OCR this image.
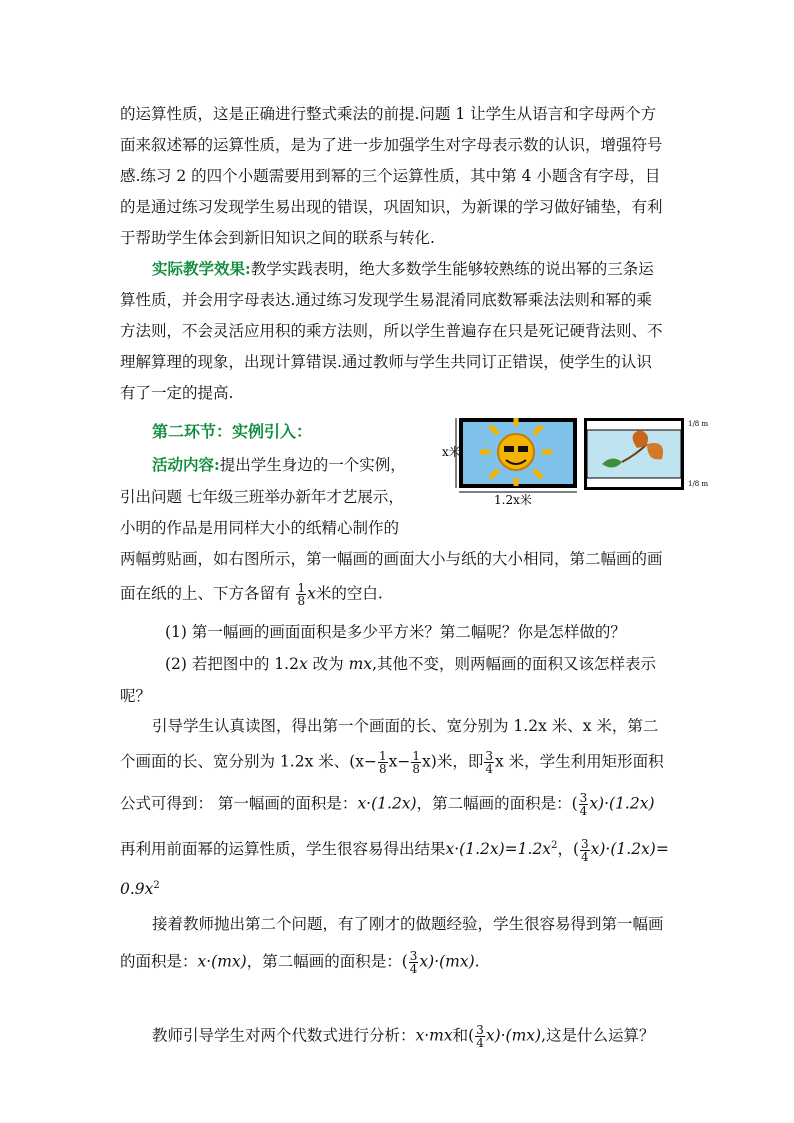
的运算性质，这是正确进行整式乘法的前提.问题 1 让学生从语言和字母两个方
面来叙述幂的运算性质，是为了进一步加强学生对字母表示数的认识，增强符号
感.练习 2 的四个小题需要用到幂的三个运算性质，其中第 4 小题含有字母，目
的是通过练习发现学生易出现的错误，巩固知识，为新课的学习做好铺垫，有利
于帮助学生体会到新旧知识之间的联系与转化.
实际教学效果:教学实践表明，绝大多数学生能够较熟练的说出幂的三条运
算性质，并会用字母表达.通过练习发现学生易混淆同底数幂乘法法则和幂的乘
方法则，不会灵活应用积的乘方法则，所以学生普遍存在只是死记硬背法则、不
理解算理的现象，出现计算错误.通过教师与学生共同订正错误，使学生的认识
有了一定的提高.
第二环节：实例引入：
活动内容:提出学生身边的一个实例，
引出问题 七年级三班举办新年才艺展示，
小明的作品是用同样大小的纸精心制作的
两幅剪贴画，如右图所示，第一幅画的画面大小与纸的大小相同，第二幅画的画
面在纸的上、下方各留有 $\frac{1}{8}$ x米的空白.
x米
1.2x米
1/8 m
1/8 m
(1) 第一幅画的画面面积是多少平方米？第二幅呢？你是怎样做的？
(2) 若把图中的 1.2x 改为 mx,其他不变，则两幅画的面积又该怎样表示
呢？
引导学生认真读图，得出第一个画面的长、宽分别为 1.2x 米、x 米，第二
个画面的长、宽分别为 1.2x 米、$(x- \frac{1}{8} x- \frac{1}{8} x)$米，即 $\frac{3}{4}$ x 米，学生利用矩形面积
公式可得到： 第一幅画的面积是：x·(1.2x)，第二幅画的面积是：( $\frac{3}{4} x)\cdot(1.2x)$
再利用前面幂的运算性质，学生很容易得出结果$x\cdot(1.2x)=1.2x^2$，( $\frac{3}{4} x)\cdot(1.2x)=$
$0.9x^2$
接着教师抛出第二个问题，有了刚才的做题经验，学生很容易得到第一幅画
的面积是：x·(mx)，第二幅画的面积是：( $\frac{3}{4} x)\cdot(mx)$.
教师引导学生对两个代数式进行分析：x·mx和( $\frac{3}{4} x)\cdot(mx)$,这是什么运算？
